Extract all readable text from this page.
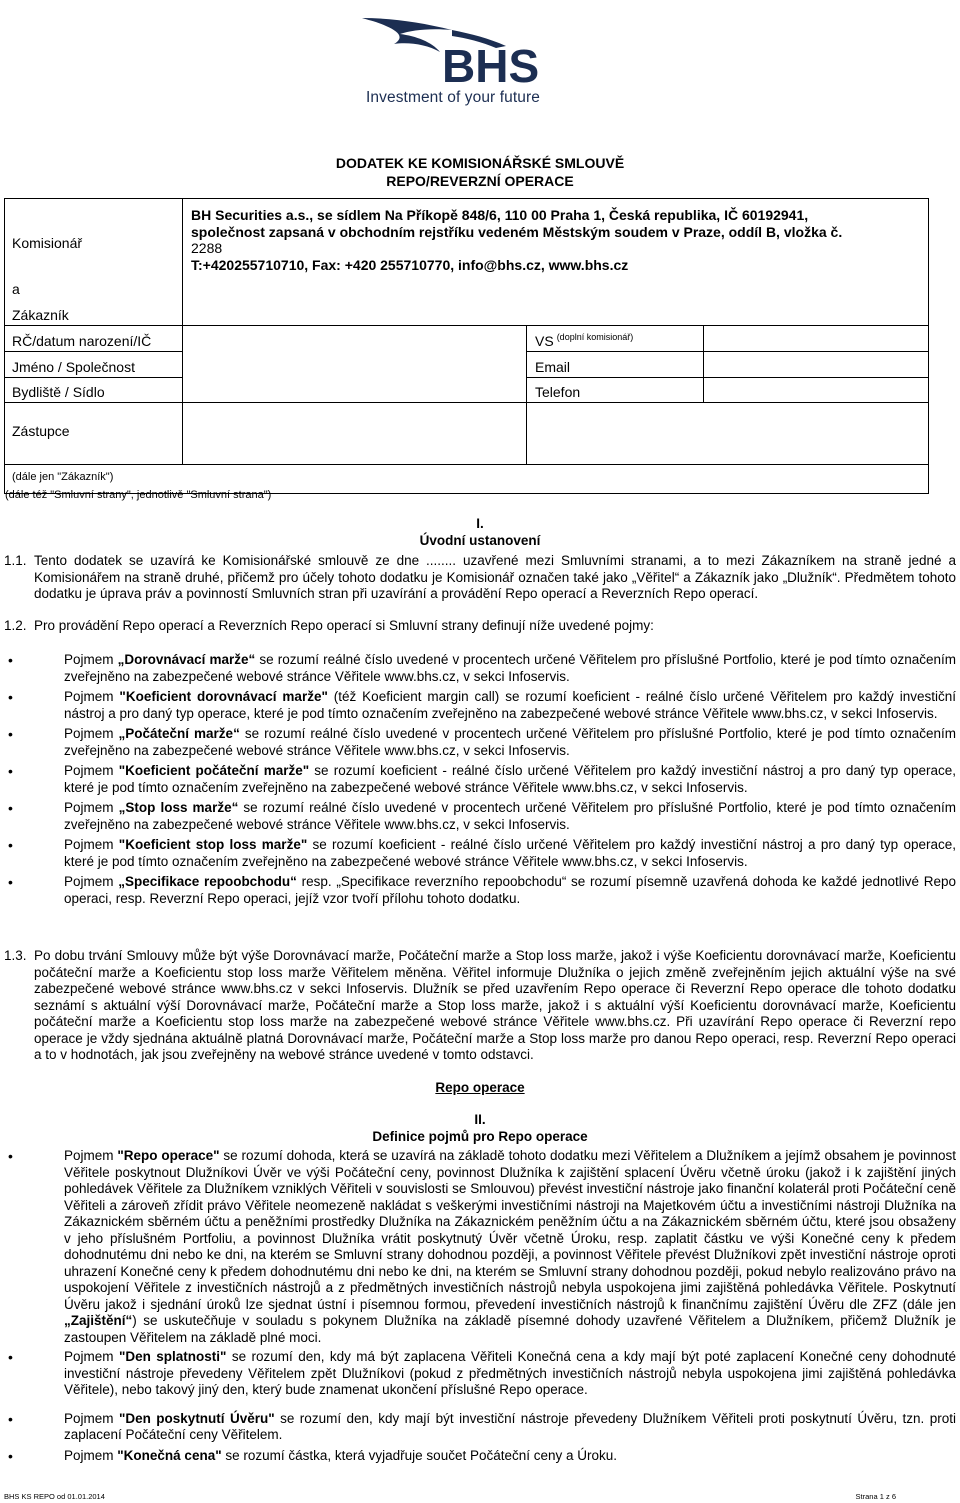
BHS
Investment of your future
DODATEK KE KOMISIONÁŘSKÉ SMLOUVĚ
REPO/REVERZNÍ OPERACE
Komisionář
a
Zákazník
RČ/datum narození/IČ
Jméno / Společnost
Bydliště / Sídlo
Zástupce
VS $^{(doplní komisionář)}$
Email
Telefon
(dále jen "Zákazník")
(dále též "Smluvní strany", jednotlivě "Smluvní strana")
BH Securities a.s., se sídlem Na Příkopě 848/6, 110 00 Praha 1, Česká republika, IČ 60192941,
společnost zapsaná v obchodním rejstříku vedeném Městským soudem v Praze, oddíl B, vložka č.
2288
T:+420255710710, Fax: +420 255710770, info@bhs.cz, www.bhs.cz
I.
Úvodní ustanovení
1.1. Tento dodatek se uzavírá ke Komisionářské smlouvě ze dne ........ uzavřené mezi Smluvními stranami, a to mezi Zákazníkem na straně jedné a Komisionářem na straně druhé, přičemž pro účely tohoto dodatku je Komisionář označen také jako „Věřitel“ a Zákazník jako „Dlužník“. Předmětem tohoto dodatku je úprava práv a povinností Smluvních stran při uzavírání a provádění Repo operací a Reverzních Repo operací.
1.2. Pro provádění Repo operací a Reverzních Repo operací si Smluvní strany definují níže uvedené pojmy:
• Pojmem „Dorovnávací marže“ se rozumí reálné číslo uvedené v procentech určené Věřitelem pro příslušné Portfolio, které je pod tímto označením zveřejněno na zabezpečené webové stránce Věřitele www.bhs.cz, v sekci Infoservis.
• Pojmem "Koeficient dorovnávací marže" (též Koeficient margin call) se rozumí koeficient - reálné číslo určené Věřitelem pro každý investiční nástroj a pro daný typ operace, které je pod tímto označením zveřejněno na zabezpečené webové stránce Věřitele www.bhs.cz, v sekci Infoservis.
• Pojmem „Počáteční marže“ se rozumí reálné číslo uvedené v procentech určené Věřitelem pro příslušné Portfolio, které je pod tímto označením zveřejněno na zabezpečené webové stránce Věřitele www.bhs.cz, v sekci Infoservis.
• Pojmem "Koeficient počáteční marže" se rozumí koeficient - reálné číslo určené Věřitelem pro každý investiční nástroj a pro daný typ operace, které je pod tímto označením zveřejněno na zabezpečené webové stránce Věřitele www.bhs.cz, v sekci Infoservis.
• Pojmem „Stop loss marže“ se rozumí reálné číslo uvedené v procentech určené Věřitelem pro příslušné Portfolio, které je pod tímto označením zveřejněno na zabezpečené webové stránce Věřitele www.bhs.cz, v sekci Infoservis.
• Pojmem "Koeficient stop loss marže" se rozumí koeficient - reálné číslo určené Věřitelem pro každý investiční nástroj a pro daný typ operace, které je pod tímto označením zveřejněno na zabezpečené webové stránce Věřitele www.bhs.cz, v sekci Infoservis.
• Pojmem „Specifikace repoobchodu“ resp. „Specifikace reverzního repoobchodu“ se rozumí písemně uzavřená dohoda ke každé jednotlivé Repo operaci, resp. Reverzní Repo operaci, jejíž vzor tvoří přílohu tohoto dodatku.
1.3. Po dobu trvání Smlouvy může být výše Dorovnávací marže, Počáteční marže a Stop loss marže, jakož i výše Koeficientu dorovnávací marže, Koeficientu počáteční marže a Koeficientu stop loss marže Věřitelem měněna. Věřitel informuje Dlužníka o jejich změně zveřejněním jejich aktuální výše na své zabezpečené webové stránce www.bhs.cz v sekci Infoservis. Dlužník se před uzavřením Repo operace či Reverzní Repo operace dle tohoto dodatku seznámí s aktuální výší Dorovnávací marže, Počáteční marže a Stop loss marže, jakož i s aktuální výší Koeficientu dorovnávací marže, Koeficientu počáteční marže a Koeficientu stop loss marže na zabezpečené webové stránce Věřitele www.bhs.cz. Při uzavírání Repo operace či Reverzní repo operace je vždy sjednána aktuálně platná Dorovnávací marže, Počáteční marže a Stop loss marže pro danou Repo operaci, resp. Reverzní Repo operaci a to v hodnotách, jak jsou zveřejněny na webové stránce uvedené v tomto odstavci.
Repo operace
II.
Definice pojmů pro Repo operace
• Pojmem "Repo operace" se rozumí dohoda, která se uzavírá na základě tohoto dodatku mezi Věřitelem a Dlužníkem a jejímž obsahem je povinnost Věřitele poskytnout Dlužníkovi Úvěr ve výši Počáteční ceny, povinnost Dlužníka k zajištění splacení Úvěru včetně úroku (jakož i k zajištění jiných pohledávek Věřitele za Dlužníkem vzniklých Věřiteli v souvislosti se Smlouvou) převést investiční nástroje jako finanční kolaterál proti Počáteční ceně Věřiteli a zároveň zřídit právo Věřitele neomezeně nakládat s veškerými investičními nástroji na Majetkovém účtu a investičními nástroji Dlužníka na Zákaznickém sběrném účtu a peněžními prostředky Dlužníka na Zákaznickém peněžním účtu a na Zákaznickém sběrném účtu, které jsou obsaženy v jeho příslušném Portfoliu, a povinnost Dlužníka vrátit poskytnutý Úvěr včetně Úroku, resp. zaplatit částku ve výši Konečné ceny k předem dohodnutému dni nebo ke dni, na kterém se Smluvní strany dohodnou později, a povinnost Věřitele převést Dlužníkovi zpět investiční nástroje oproti uhrazení Konečné ceny k předem dohodnutému dni nebo ke dni, na kterém se Smluvní strany dohodnou později, pokud nebylo realizováno právo na uspokojení Věřitele z investičních nástrojů a z předmětných investičních nástrojů nebyla uspokojena jimi zajištěná pohledávka Věřitele. Poskytnutí Úvěru jakož i sjednání úroků lze sjednat ústní i písemnou formou, převedení investičních nástrojů k finančnímu zajištění Úvěru dle ZFZ (dále jen „Zajištění“) se uskutečňuje v souladu s pokynem Dlužníka na základě písemné dohody uzavřené Věřitelem a Dlužníkem, přičemž Dlužník je zastoupen Věřitelem na základě plné moci.
• Pojmem "Den splatnosti" se rozumí den, kdy má být zaplacena Věřiteli Konečná cena a kdy mají být poté zaplacení Konečné ceny dohodnuté investiční nástroje převedeny Věřitelem zpět Dlužníkovi (pokud z předmětných investičních nástrojů nebyla uspokojena jimi zajištěná pohledávka Věřitele), nebo takový jiný den, který bude znamenat ukončení příslušné Repo operace.
• Pojmem "Den poskytnutí Úvěru" se rozumí den, kdy mají být investiční nástroje převedeny Dlužníkem Věřiteli proti poskytnutí Úvěru, tzn. proti zaplacení Počáteční ceny Věřitelem.
• Pojmem "Konečná cena" se rozumí částka, která vyjadřuje součet Počáteční ceny a Úroku.
BHS KS REPO od 01.01.2014	Strana 1 z 6
